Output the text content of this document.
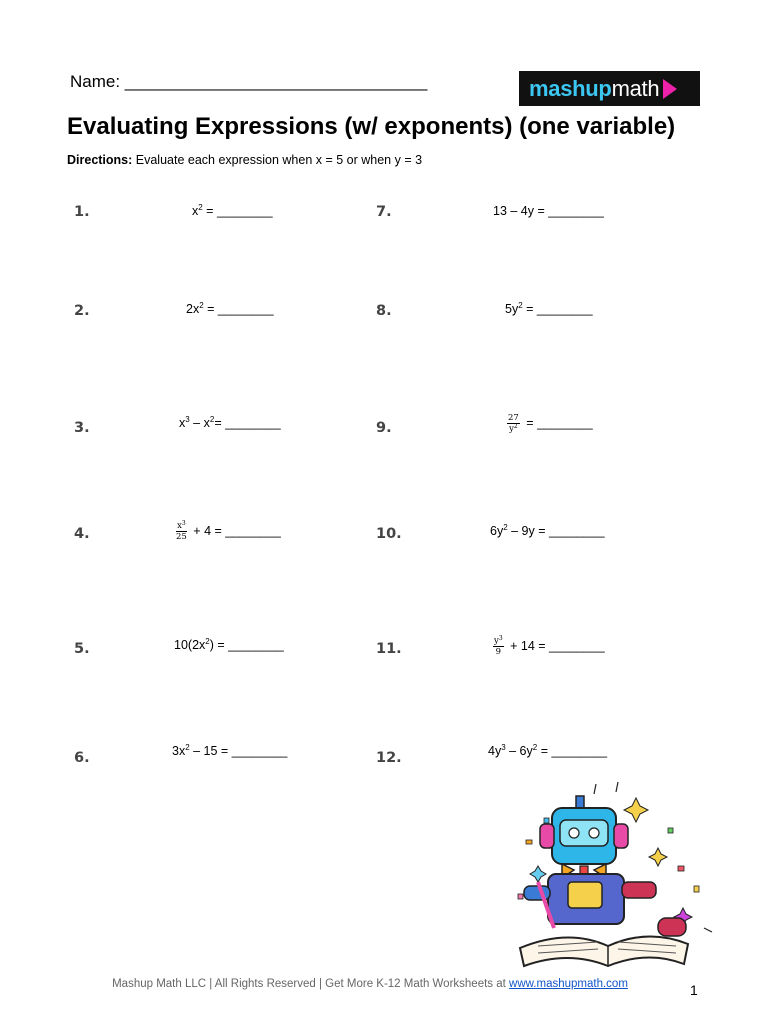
Name: ________________________________	mashupmath
Evaluating Expressions (w/ exponents) (one variable)
Directions: Evaluate each expression when x = 5 or when y = 3
1.	$x^2$ = ________
2.	$2x^2$ = ________
3.	$x^3 - x^2=$ ________
4.	$\frac{x^3}{25} + 4$ = ________
5.	$10(2x^2)$ = ________
6.	$3x^2 - 15$ = ________
7.	13 – 4y = ________
8.	$5y^2$ = ________
9.	$\frac{27}{y^2}$ = ________
10.	$6y^2 - 9y$ = ________
11.	$\frac{y^3}{9} + 14$ = ________
12.	$4y^3 - 6y^2$ = ________
Mashup Math LLC | All Rights Reserved | Get More K-12 Math Worksheets at www.mashupmath.com	1
